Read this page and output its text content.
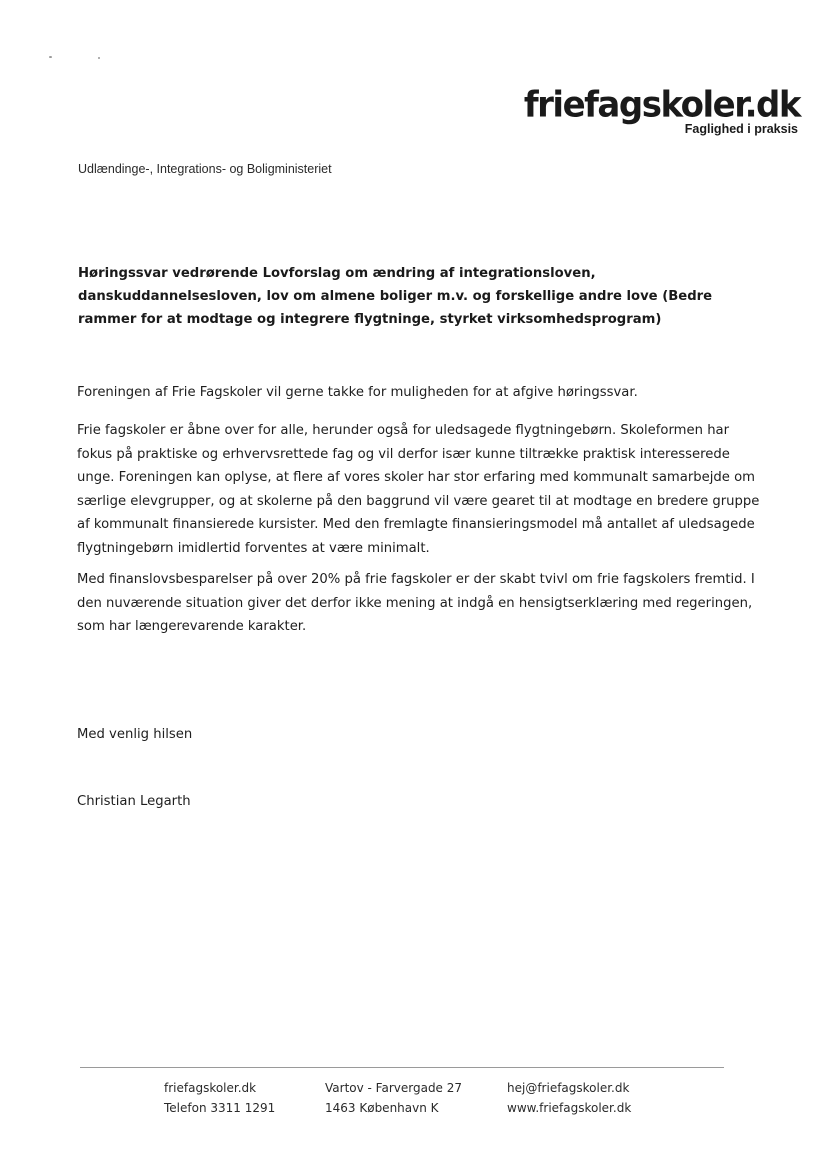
friefagskoler.dk
Faglighed i praksis
Udlændinge-, Integrations- og Boligministeriet
Høringssvar vedrørende Lovforslag om ændring af integrationsloven, danskuddannelsesloven, lov om almene boliger m.v. og forskellige andre love (Bedre rammer for at modtage og integrere flygtninge, styrket virksomhedsprogram)

Foreningen af Frie Fagskoler vil gerne takke for muligheden for at afgive høringssvar.

Frie fagskoler er åbne over for alle, herunder også for uledsagede flygtningebørn. Skoleformen har fokus på praktiske og erhvervsrettede fag og vil derfor især kunne tiltrække praktisk interesserede unge. Foreningen kan oplyse, at flere af vores skoler har stor erfaring med kommunalt samarbejde om særlige elevgrupper, og at skolerne på den baggrund vil være gearet til at modtage en bredere gruppe af kommunalt finansierede kursister. Med den fremlagte finansieringsmodel må antallet af uledsagede flygtningebørn imidlertid forventes at være minimalt.

Med finanslovsbesparelser på over 20% på frie fagskoler er der skabt tvivl om frie fagskolers fremtid. I den nuværende situation giver det derfor ikke mening at indgå en hensigtserklæring med regeringen, som har længerevarende karakter.

Med venlig hilsen

Christian Legarth

friefagskoler.dk
Telefon 3311 1291
Vartov - Farvergade 27
1463 København K
hej@friefagskoler.dk
www.friefagskoler.dk
